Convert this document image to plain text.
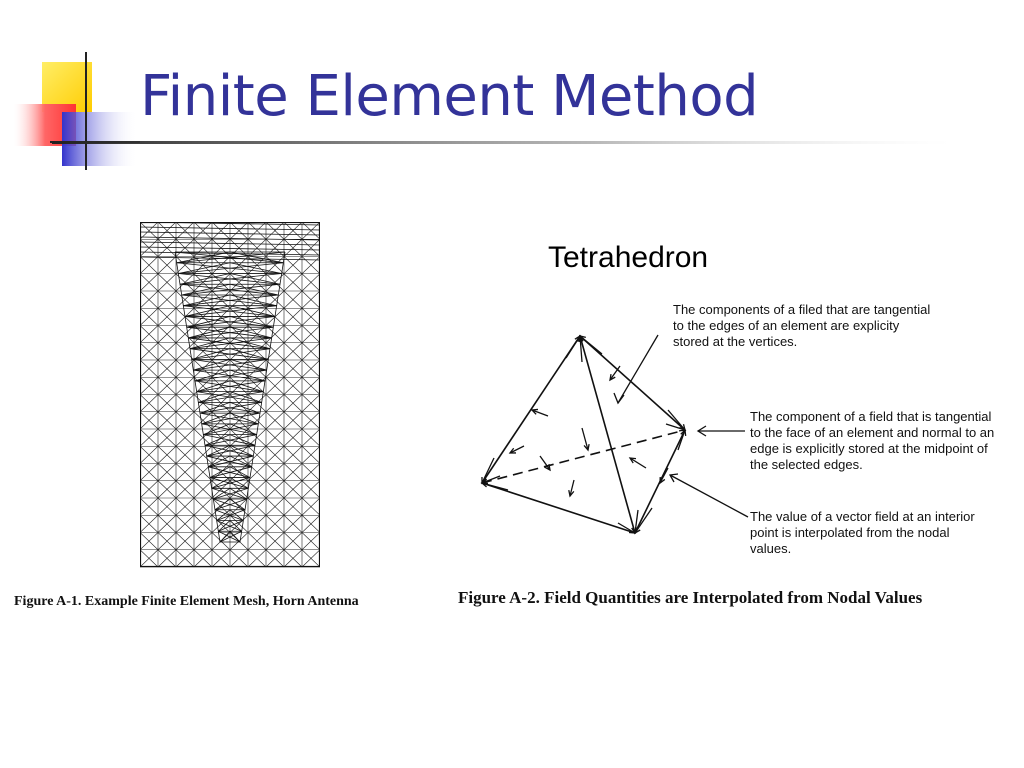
Finite Element Method
Figure A-1. Example Finite Element Mesh, Horn Antenna
Tetrahedron
The components of a filed that are tangential to the edges of an element are explicity stored at the vertices.
The component of a field that is tangential to the face of an element and normal to an edge is explicitly stored at the midpoint of the selected edges.
The value of a vector field at an interior point is interpolated from the nodal values.
Figure A-2. Field Quantities are Interpolated from Nodal Values
